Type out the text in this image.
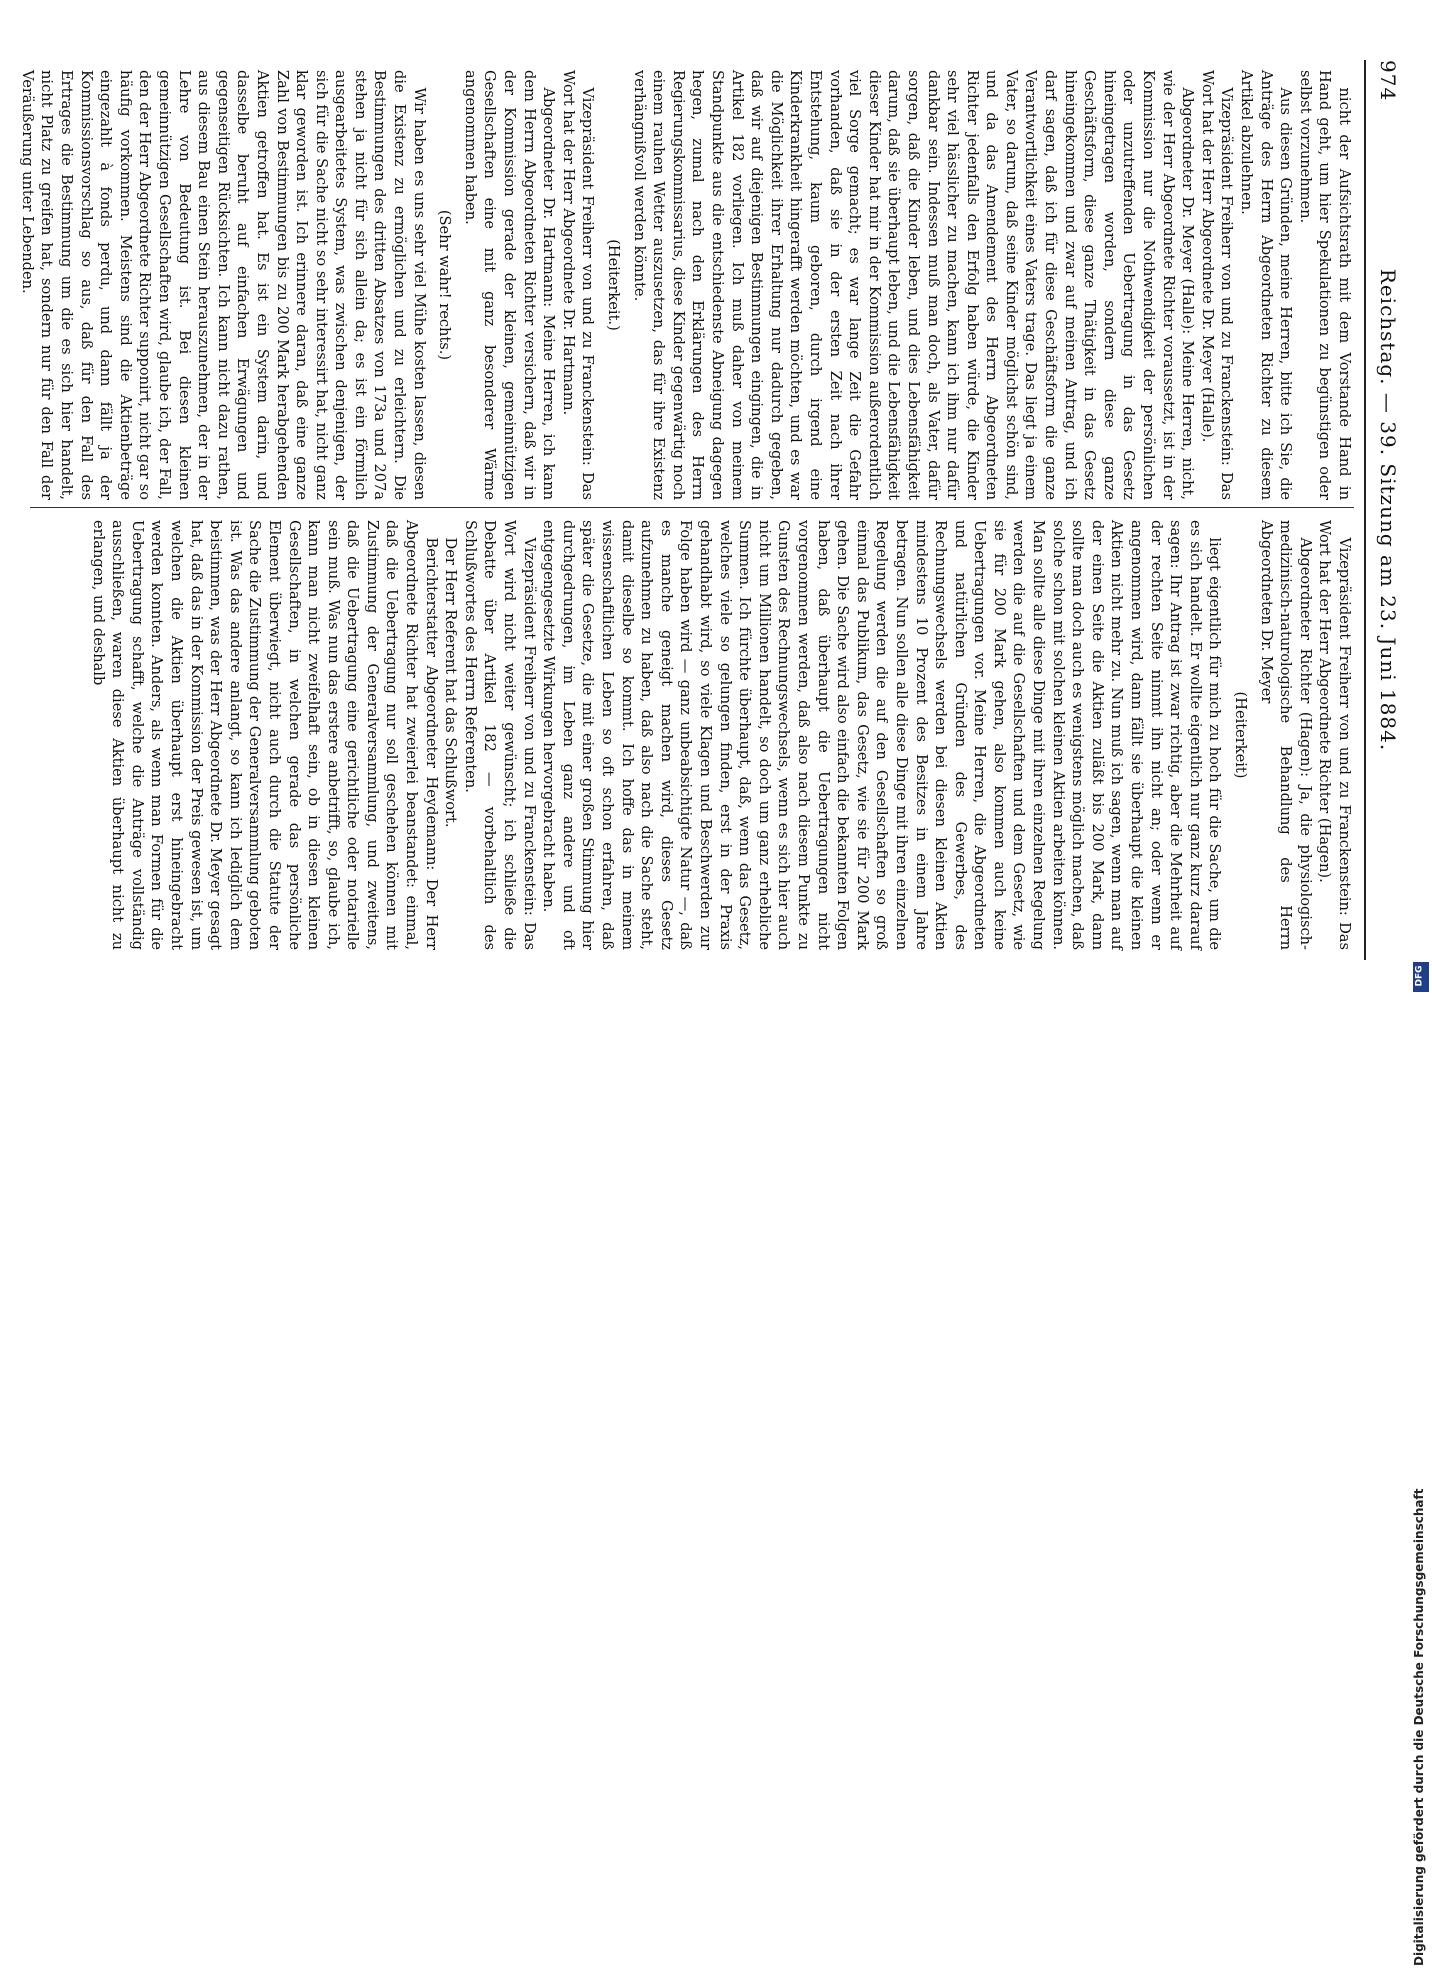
974
Reichstag. — 39. Sitzung am 23. Juni 1884.

nicht der Aufsichtsrath mit dem Vorstande Hand in Hand geht, um hier Spekulationen zu begünstigen oder selbst vorzunehmen.

Aus diesen Gründen, meine Herren, bitte ich Sie, die Anträge des Herrn Abgeordneten Richter zu diesem Artikel abzulehnen.

Vizepräsident Freiherr von und zu Franckenstein: Das Wort hat der Herr Abgeordnete Dr. Meyer (Halle).

Abgeordneter Dr. Meyer (Halle): Meine Herren, nicht, wie der Herr Abgeordnete Richter voraussetzt, ist in der Kommission nur die Nothwendigkeit der persönlichen oder unzutreffenden Uebertragung in das Gesetz hineingetragen worden, sondern diese ganze Geschäftsform, diese ganze Thätigkeit in das Gesetz hineingekommen und zwar auf meinen Antrag, und ich darf sagen, daß ich für diese Geschäftsform die ganze Verantwortlichkeit eines Vaters trage. Das liegt ja einem Vater, so darum, daß seine Kinder möglichst schön sind, und da das Amendement des Herrn Abgeordneten Richter jedenfalls den Erfolg haben würde, die Kinder sehr viel hässlicher zu machen, kann ich ihm nur dafür dankbar sein. Indessen muß man doch, als Vater, dafür sorgen, daß die Kinder leben, und dies Lebensfähigkeit darum, daß sie überhaupt leben, und die Lebensfähigkeit dieser Kinder hat mir in der Kommission außerordentlich viel Sorge gemacht; es war lange Zeit die Gefahr vorhanden, daß sie in der ersten Zeit nach ihrer Entstehung, kaum geboren, durch irgend eine Kinderkrankheit hingerafft werden möchten, und es war die Möglichkeit ihrer Erhaltung nur dadurch gegeben, daß wir auf diejenigen Bestimmungen eingingen, die in Artikel 182 vorliegen. Ich muß daher von meinem Standpunkte aus die entschiedenste Abneigung dagegen hegen, zumal nach den Erklärungen des Herrn Regierungskommissarius, diese Kinder gegenwärtig noch einem rauhen Wetter auszusetzen, das für ihre Existenz verhängnißvoll werden könnte.

(Heiterkeit.)

Vizepräsident Freiherr von und zu Franckenstein: Das Wort hat der Herr Abgeordnete Dr. Hartmann.

Abgeordneter Dr. Hartmann: Meine Herren, ich kann dem Herrn Abgeordneten Richter versichern, daß wir in der Kommission gerade der kleinen, gemeinnützigen Gesellschaften eine mit ganz besonderer Wärme angenommen haben.

(Sehr wahr! rechts.)

Wir haben es uns sehr viel Mühe kosten lassen, diesen die Existenz zu ermöglichen und zu erleichtern. Die Bestimmungen des dritten Absatzes von 173a und 207a stehen ja nicht für sich allein da; es ist ein förmlich ausgearbeitetes System, was zwischen denjenigen, der sich für die Sache nicht so sehr interessirt hat, nicht ganz klar geworden ist. Ich erinnere daran, daß eine ganze Zahl von Bestimmungen bis zu 200 Mark herabgehenden Aktien getroffen hat. Es ist ein System darin, und dasselbe beruht auf einfachen Erwägungen und gegenseitigen Rücksichten. Ich kann nicht dazu rathen, aus diesem Bau einen Stein herauszunehmen, der in der Lehre von Bedeutung ist. Bei diesen kleinen gemeinnützigen Gesellschaften wird, glaube ich, der Fall, den der Herr Abgeordnete Richter supponirt, nicht gar so häufig vorkommen. Meistens sind die Aktienbeträge eingezahlt à fonds perdu, und dann fällt ja der Kommissionsvorschlag so aus, daß für den Fall des Ertrages die Bestimmung um die es sich hier handelt, nicht Platz zu greifen hat, sondern nur für den Fall der Veräußerung unter Lebenden.

Vizepräsident Freiherr von und zu Franckenstein: Das Wort hat der Herr Abgeordnete Richter (Hagen).

Abgeordneter Richter (Hagen): Ja, die physiologisch-medizinisch-naturologische Behandlung des Herrn Abgeordneten Dr. Meyer

(Heiterkeit)

liegt eigentlich für mich zu hoch für die Sache, um die es sich handelt. Er wollte eigentlich nur ganz kurz darauf sagen: Ihr Antrag ist zwar richtig, aber die Mehrheit auf der rechten Seite nimmt ihn nicht an; oder wenn er angenommen wird, dann fällt sie überhaupt die kleinen Aktien nicht mehr zu. Nun muß ich sagen, wenn man auf der einen Seite die Aktien zuläßt bis 200 Mark, dann sollte man doch auch es wenigstens möglich machen, daß solche schon mit solchen kleinen Aktien arbeiten können. Man sollte alle diese Dinge mit ihren einzelnen Regelung werden die auf die Gesellschaften und dem Gesetz, wie sie für 200 Mark gehen, also kommen auch keine Uebertragungen vor. Meine Herren, die Abgeordneten und natürlichen Gründen des Gewerbes, des Rechnungswechsels werden bei diesen kleinen Aktien mindestens 10 Prozent des Besitzes in einem Jahre betragen. Nun sollen alle diese Dinge mit ihren einzelnen Regelung werden die auf den Gesellschaften so groß einmal das Publikum, das Gesetz, wie sie für 200 Mark gehen. Die Sache wird also einfach die bekannten Folgen haben, daß überhaupt die Uebertragungen nicht vorgenommen werden, daß also nach diesem Punkte zu Gunsten des Rechnungswechsels, wenn es sich hier auch nicht um Millionen handelt, so doch um ganz erhebliche Summen. Ich fürchte überhaupt, daß, wenn das Gesetz, welches viele so gelungen finden, erst in der Praxis gehandhabt wird, so viele Klagen und Beschwerden zur Folge haben wird — ganz unbeabsichtigte Natur —, daß es manche geneigt machen wird, dieses Gesetz aufzunehmen zu haben, daß also nach die Sache steht, damit dieselbe so kommt. Ich hoffe das in meinem wissenschaftlichen Leben so oft schon erfahren, daß später die Gesetze, die mit einer großen Stimmung hier durchgedrungen, im Leben ganz andere und oft entgegengesetzte Wirkungen hervorgebracht haben.

Vizepräsident Freiherr von und zu Franckenstein: Das Wort wird nicht weiter gewünscht; ich schließe die Debatte über Artikel 182 — vorbehaltlich des Schlußwortes des Herrn Referenten.

Der Herr Referent hat das Schlußwort.

Berichterstatter Abgeordneter Heydemann: Der Herr Abgeordnete Richter hat zweierlei beanstandet: einmal, daß die Uebertragung nur soll geschehen können mit Zustimmung der Generalversammlung, und zweitens, daß die Uebertragung eine gerichtliche oder notarielle sein muß. Was nun das erstere anbetrifft, so, glaube ich, kann man nicht zweifelhaft sein, ob in diesen kleinen Gesellschaften, in welchen gerade das persönliche Element überwiegt, nicht auch durch die Statute der Sache die Zustimmung der Generalversammlung geboten ist. Was das andere anlangt, so kann ich lediglich dem beistimmen, was der Herr Abgeordnete Dr. Meyer gesagt hat, daß das in der Kommission der Preis gewesen ist, um welchen die Aktien überhaupt erst hineingebracht werden konnten. Anders, als wenn man Formen für die Uebertragung schafft, welche die Anträge vollständig ausschließen, waren diese Aktien überhaupt nicht zu erlangen, und deshalb

Digitalisierung gefördert durch die Deutsche Forschungsgemeinschaft
DFG
